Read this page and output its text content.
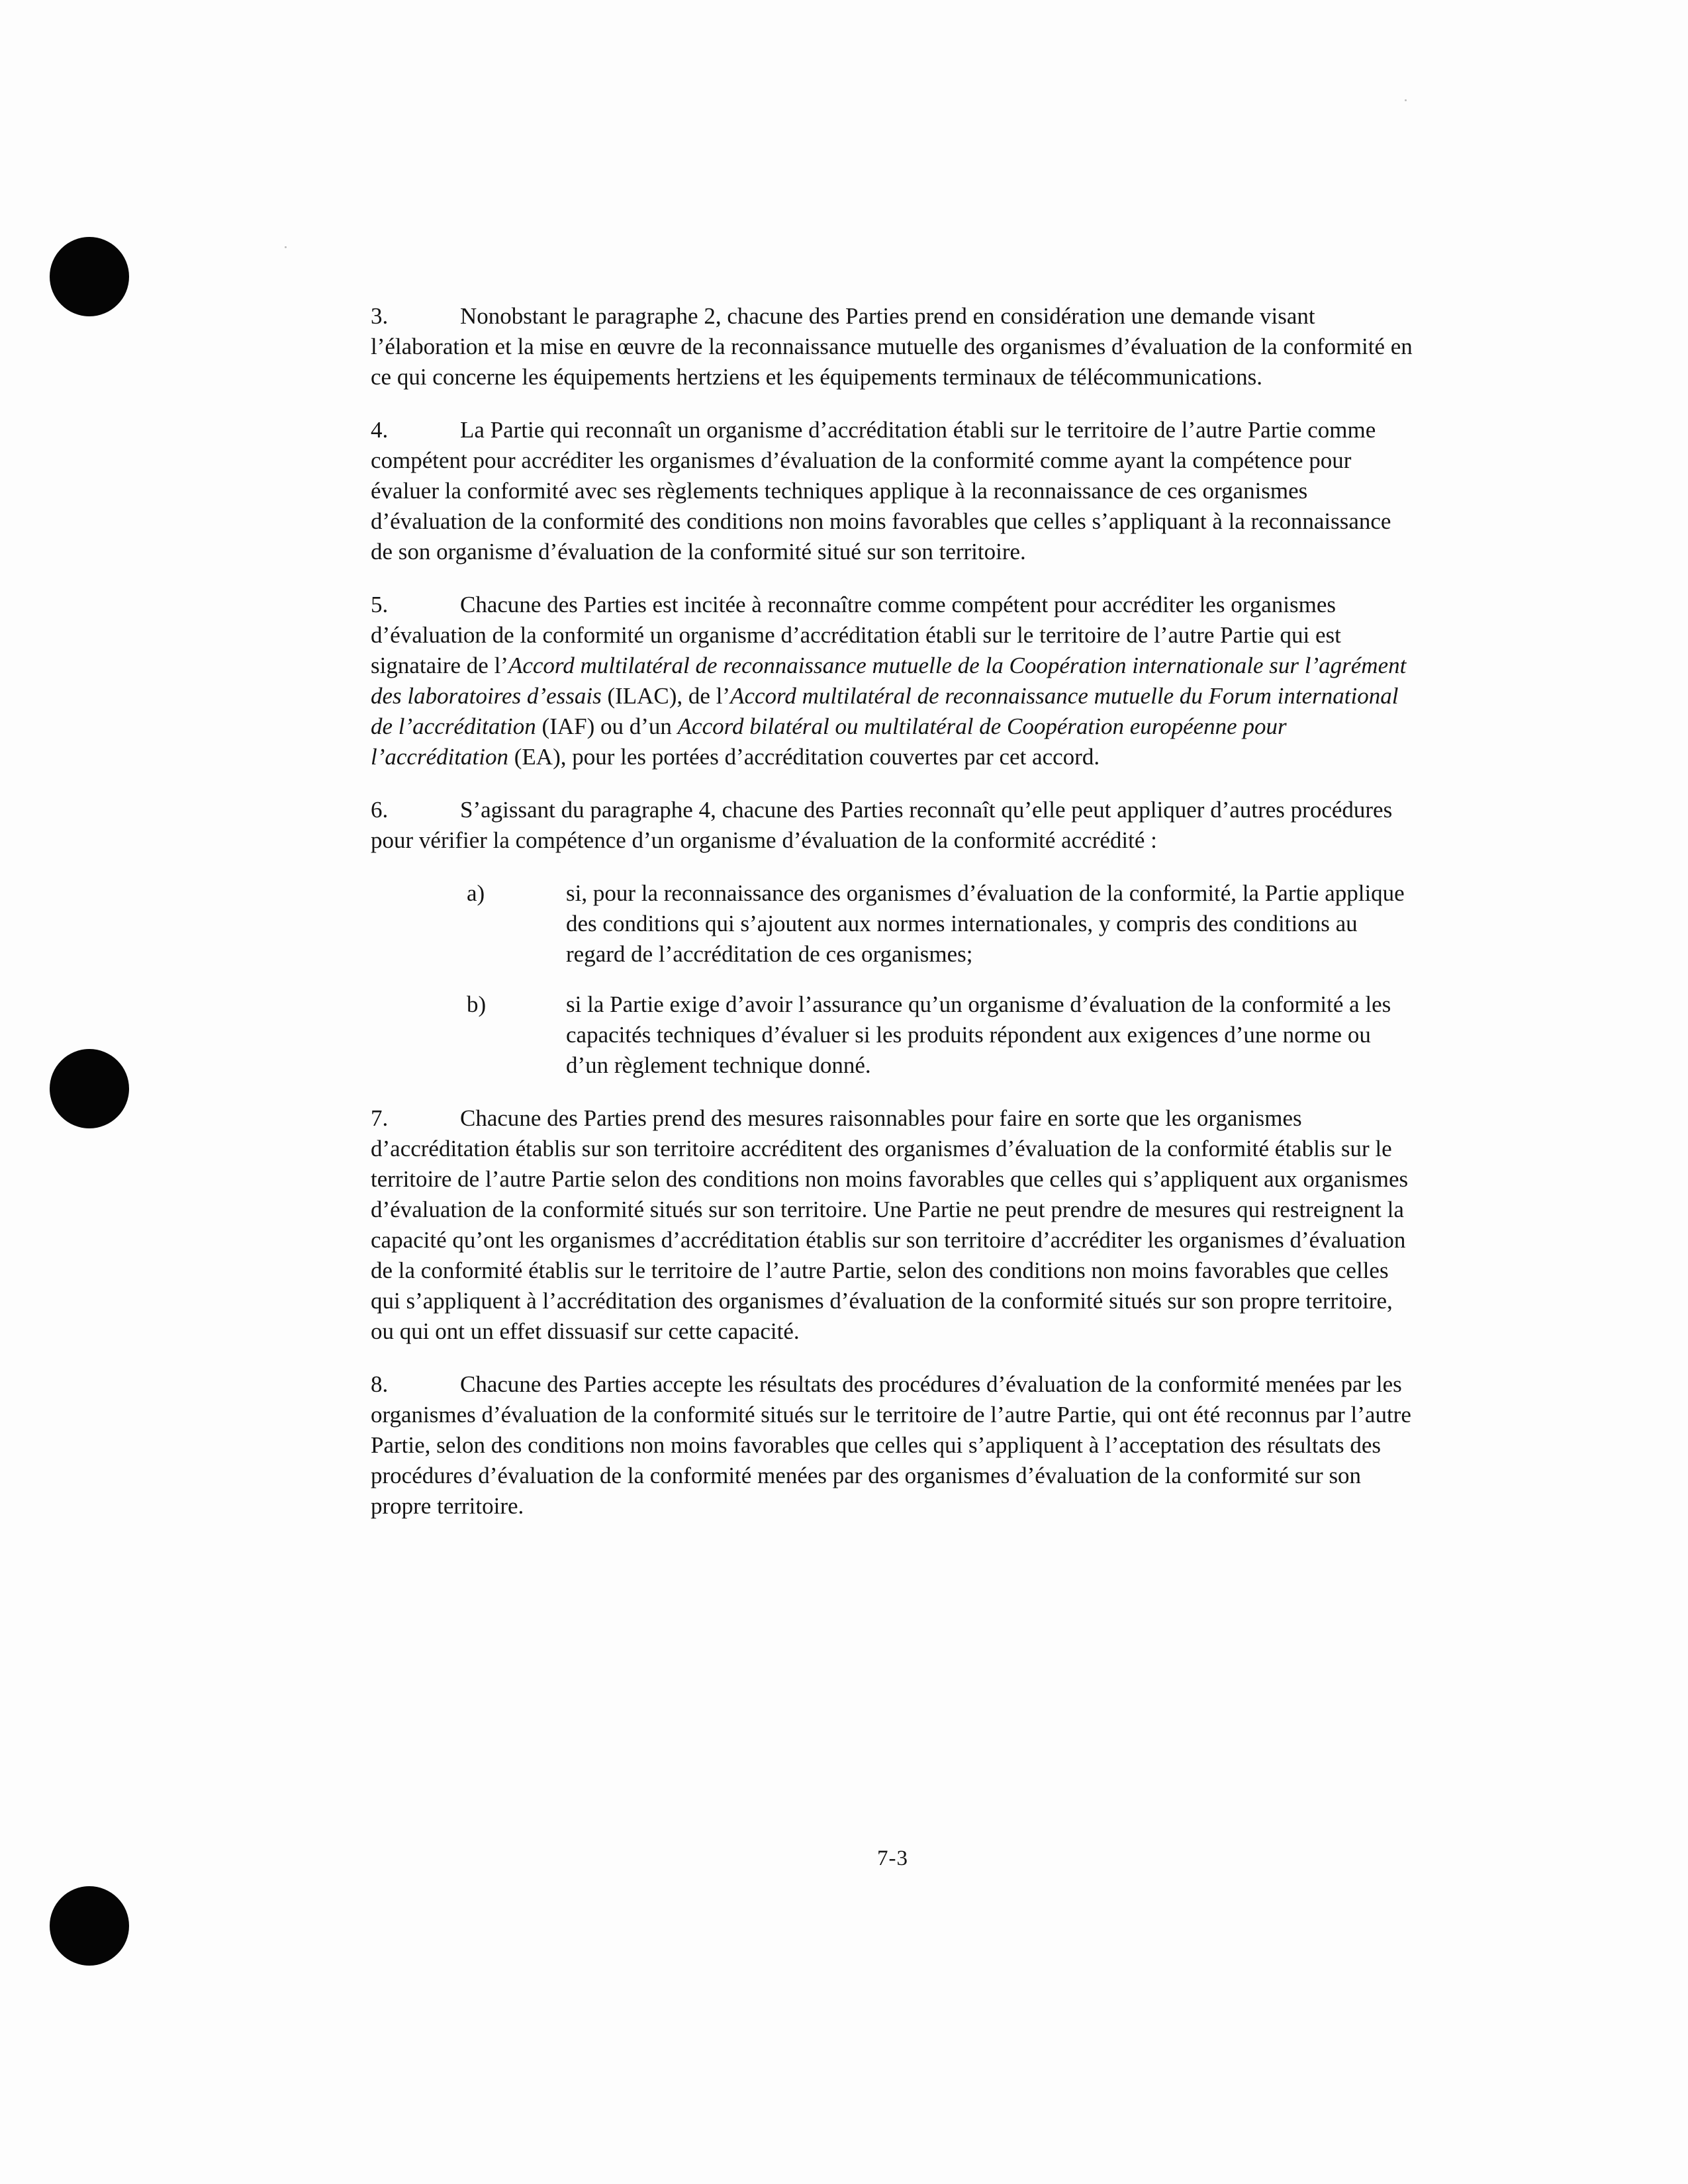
3.	Nonobstant le paragraphe 2, chacune des Parties prend en considération une demande visant l’élaboration et la mise en œuvre de la reconnaissance mutuelle des organismes d’évaluation de la conformité en ce qui concerne les équipements hertziens et les équipements terminaux de télécommunications.

4.	La Partie qui reconnaît un organisme d’accréditation établi sur le territoire de l’autre Partie comme compétent pour accréditer les organismes d’évaluation de la conformité comme ayant la compétence pour évaluer la conformité avec ses règlements techniques applique à la reconnaissance de ces organismes d’évaluation de la conformité des conditions non moins favorables que celles s’appliquant à la reconnaissance de son organisme d’évaluation de la conformité situé sur son territoire.

5.	Chacune des Parties est incitée à reconnaître comme compétent pour accréditer les organismes d’évaluation de la conformité un organisme d’accréditation établi sur le territoire de l’autre Partie qui est signataire de l’Accord multilatéral de reconnaissance mutuelle de la Coopération internationale sur l’agrément des laboratoires d’essais (ILAC), de l’Accord multilatéral de reconnaissance mutuelle du Forum international de l’accréditation (IAF) ou d’un Accord bilatéral ou multilatéral de Coopération européenne pour l’accréditation (EA), pour les portées d’accréditation couvertes par cet accord.

6.	S’agissant du paragraphe 4, chacune des Parties reconnaît qu’elle peut appliquer d’autres procédures pour vérifier la compétence d’un organisme d’évaluation de la conformité accrédité :

a)	si, pour la reconnaissance des organismes d’évaluation de la conformité, la Partie applique des conditions qui s’ajoutent aux normes internationales, y compris des conditions au regard de l’accréditation de ces organismes;
b)	si la Partie exige d’avoir l’assurance qu’un organisme d’évaluation de la conformité a les capacités techniques d’évaluer si les produits répondent aux exigences d’une norme ou d’un règlement technique donné.

7.	Chacune des Parties prend des mesures raisonnables pour faire en sorte que les organismes d’accréditation établis sur son territoire accréditent des organismes d’évaluation de la conformité établis sur le territoire de l’autre Partie selon des conditions non moins favorables que celles qui s’appliquent aux organismes d’évaluation de la conformité situés sur son territoire. Une Partie ne peut prendre de mesures qui restreignent la capacité qu’ont les organismes d’accréditation établis sur son territoire d’accréditer les organismes d’évaluation de la conformité établis sur le territoire de l’autre Partie, selon des conditions non moins favorables que celles qui s’appliquent à l’accréditation des organismes d’évaluation de la conformité situés sur son propre territoire, ou qui ont un effet dissuasif sur cette capacité.

8.	Chacune des Parties accepte les résultats des procédures d’évaluation de la conformité menées par les organismes d’évaluation de la conformité situés sur le territoire de l’autre Partie, qui ont été reconnus par l’autre Partie, selon des conditions non moins favorables que celles qui s’appliquent à l’acceptation des résultats des procédures d’évaluation de la conformité menées par des organismes d’évaluation de la conformité sur son propre territoire.

7-3
